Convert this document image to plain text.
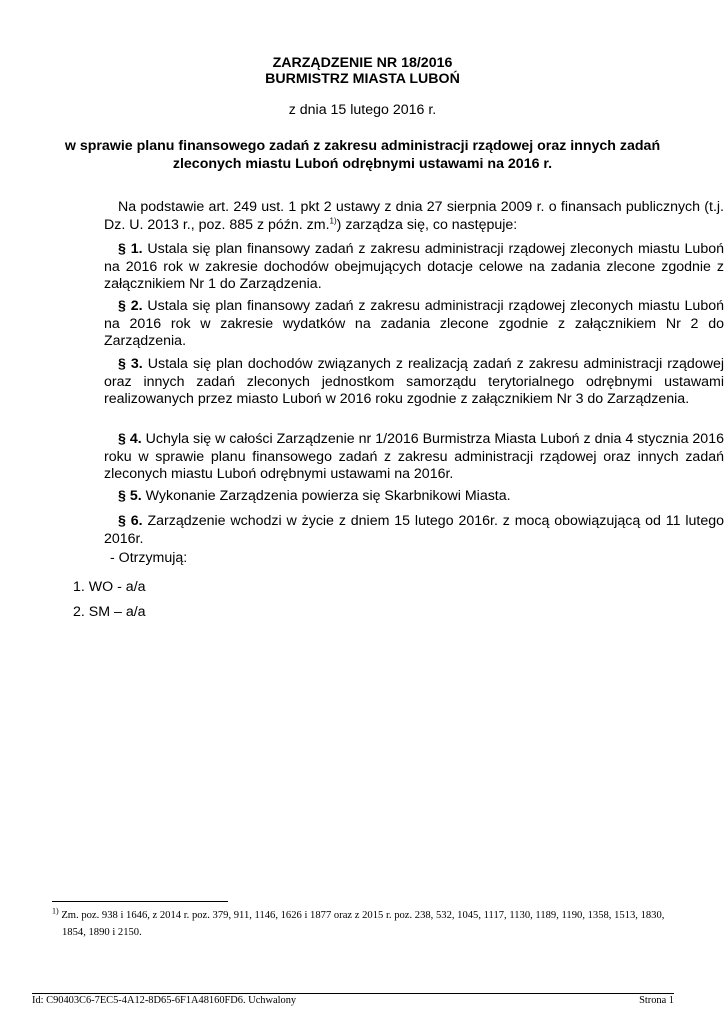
ZARZĄDZENIE NR 18/2016
BURMISTRZ MIASTA LUBOŃ
z dnia 15 lutego 2016 r.
w sprawie planu finansowego zadań z zakresu administracji rządowej oraz innych zadań zleconych miastu Luboń odrębnymi ustawami na 2016 r.

Na podstawie art. 249 ust. 1 pkt 2 ustawy z dnia 27 sierpnia 2009 r. o finansach publicznych (t.j. Dz. U. 2013 r., poz. 885 z późn. zm.$^{1)}$) zarządza się, co następuje:

§ 1. Ustala się plan finansowy zadań z zakresu administracji rządowej zleconych miastu Luboń na 2016 rok w zakresie dochodów obejmujących dotacje celowe na zadania zlecone zgodnie z załącznikiem Nr 1 do Zarządzenia.

§ 2. Ustala się plan finansowy zadań z zakresu administracji rządowej zleconych miastu Luboń na 2016 rok w zakresie wydatków na zadania zlecone zgodnie z załącznikiem Nr 2 do Zarządzenia.

§ 3. Ustala się plan dochodów związanych z realizacją zadań z zakresu administracji rządowej oraz innych zadań zleconych jednostkom samorządu terytorialnego odrębnymi ustawami realizowanych przez miasto Luboń w 2016 roku zgodnie z załącznikiem Nr 3 do Zarządzenia.

§ 4. Uchyla się w całości Zarządzenie nr 1/2016 Burmistrza Miasta Luboń z dnia 4 stycznia 2016 roku w sprawie planu finansowego zadań z zakresu administracji rządowej oraz innych zadań zleconych miastu Luboń odrębnymi ustawami na 2016r.

§ 5. Wykonanie Zarządzenia powierza się Skarbnikowi Miasta.

§ 6. Zarządzenie wchodzi w życie z dniem 15 lutego 2016r. z mocą obowiązującą od 11 lutego 2016r.

- Otrzymują:
1. WO - a/a
2. SM – a/a
$^{1)}$ Zm. poz. 938 i 1646, z 2014 r. poz. 379, 911, 1146, 1626 i 1877 oraz z 2015 r. poz. 238, 532, 1045, 1117, 1130, 1189, 1190, 1358, 1513, 1830, 1854, 1890 i 2150.
Id: C90403C6-7EC5-4A12-8D65-6F1A48160FD6. Uchwalony	Strona 1
